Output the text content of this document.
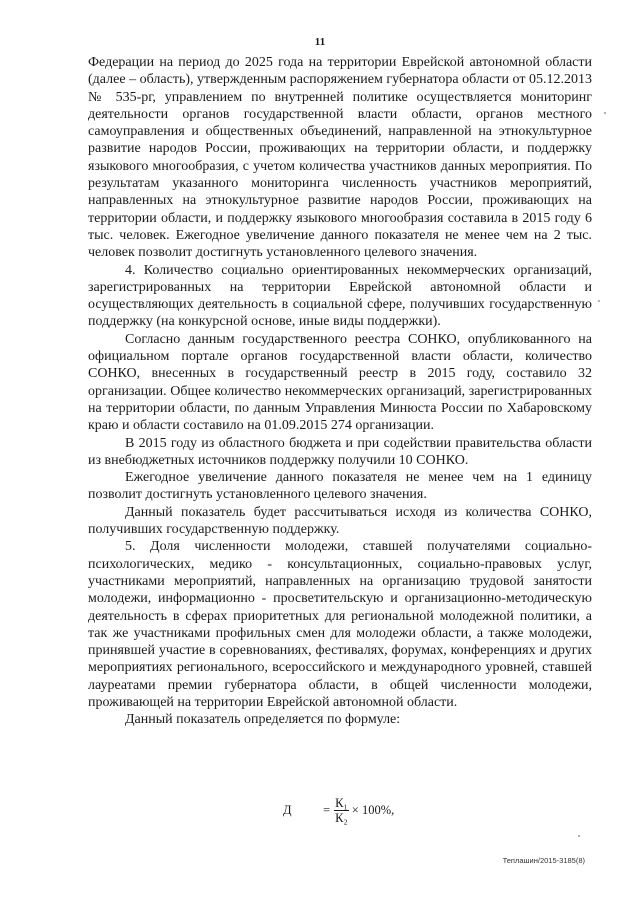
11

Федерации на период до 2025 года на территории Еврейской автономной области (далее – область), утвержденным распоряжением губернатора области от 05.12.2013 № 535-рг, управлением по внутренней политике осуществляется мониторинг деятельности органов государственной власти области, органов местного самоуправления и общественных объединений, направленной на этнокультурное развитие народов России, проживающих на территории области, и поддержку языкового многообразия, с учетом количества участников данных мероприятия. По результатам указанного мониторинга численность участников мероприятий, направленных на этнокультурное развитие народов России, проживающих на территории области, и поддержку языкового многообразия составила в 2015 году 6 тыс. человек. Ежегодное увеличение данного показателя не менее чем на 2 тыс. человек позволит достигнуть установленного целевого значения.

4. Количество социально ориентированных некоммерческих организаций, зарегистрированных на территории Еврейской автономной области и осуществляющих деятельность в социальной сфере, получивших государственную поддержку (на конкурсной основе, иные виды поддержки).

Согласно данным государственного реестра СОНКО, опубликованного на официальном портале органов государственной власти области, количество СОНКО, внесенных в государственный реестр в 2015 году, составило 32 организации. Общее количество некоммерческих организаций, зарегистрированных на территории области, по данным Управления Минюста России по Хабаровскому краю и области составило на 01.09.2015 274 организации.

В 2015 году из областного бюджета и при содействии правительства области из внебюджетных источников поддержку получили 10 СОНКО.

Ежегодное увеличение данного показателя не менее чем на 1 единицу позволит достигнуть установленного целевого значения.

Данный показатель будет рассчитываться исходя из количества СОНКО, получивших государственную поддержку.

5. Доля численности молодежи, ставшей получателями социально-психологических, медико - консультационных, социально-правовых услуг, участниками мероприятий, направленных на организацию трудовой занятости молодежи, информационно - просветительскую и организационно-методическую деятельность в сферах приоритетных для региональной молодежной политики, а так же участниками профильных смен для молодежи области, а также молодежи, принявшей участие в соревнованиях, фестивалях, форумах, конференциях и других мероприятиях регионального, всероссийского и международного уровней, ставшей лауреатами премии губернатора области, в общей численности молодежи, проживающей на территории Еврейской автономной области.

Данный показатель определяется по формуле:

Д	= $\frac{\text{К₁}}{\text{К₂}} \times 100\%$,
Теплашин/2015-3185(8)
